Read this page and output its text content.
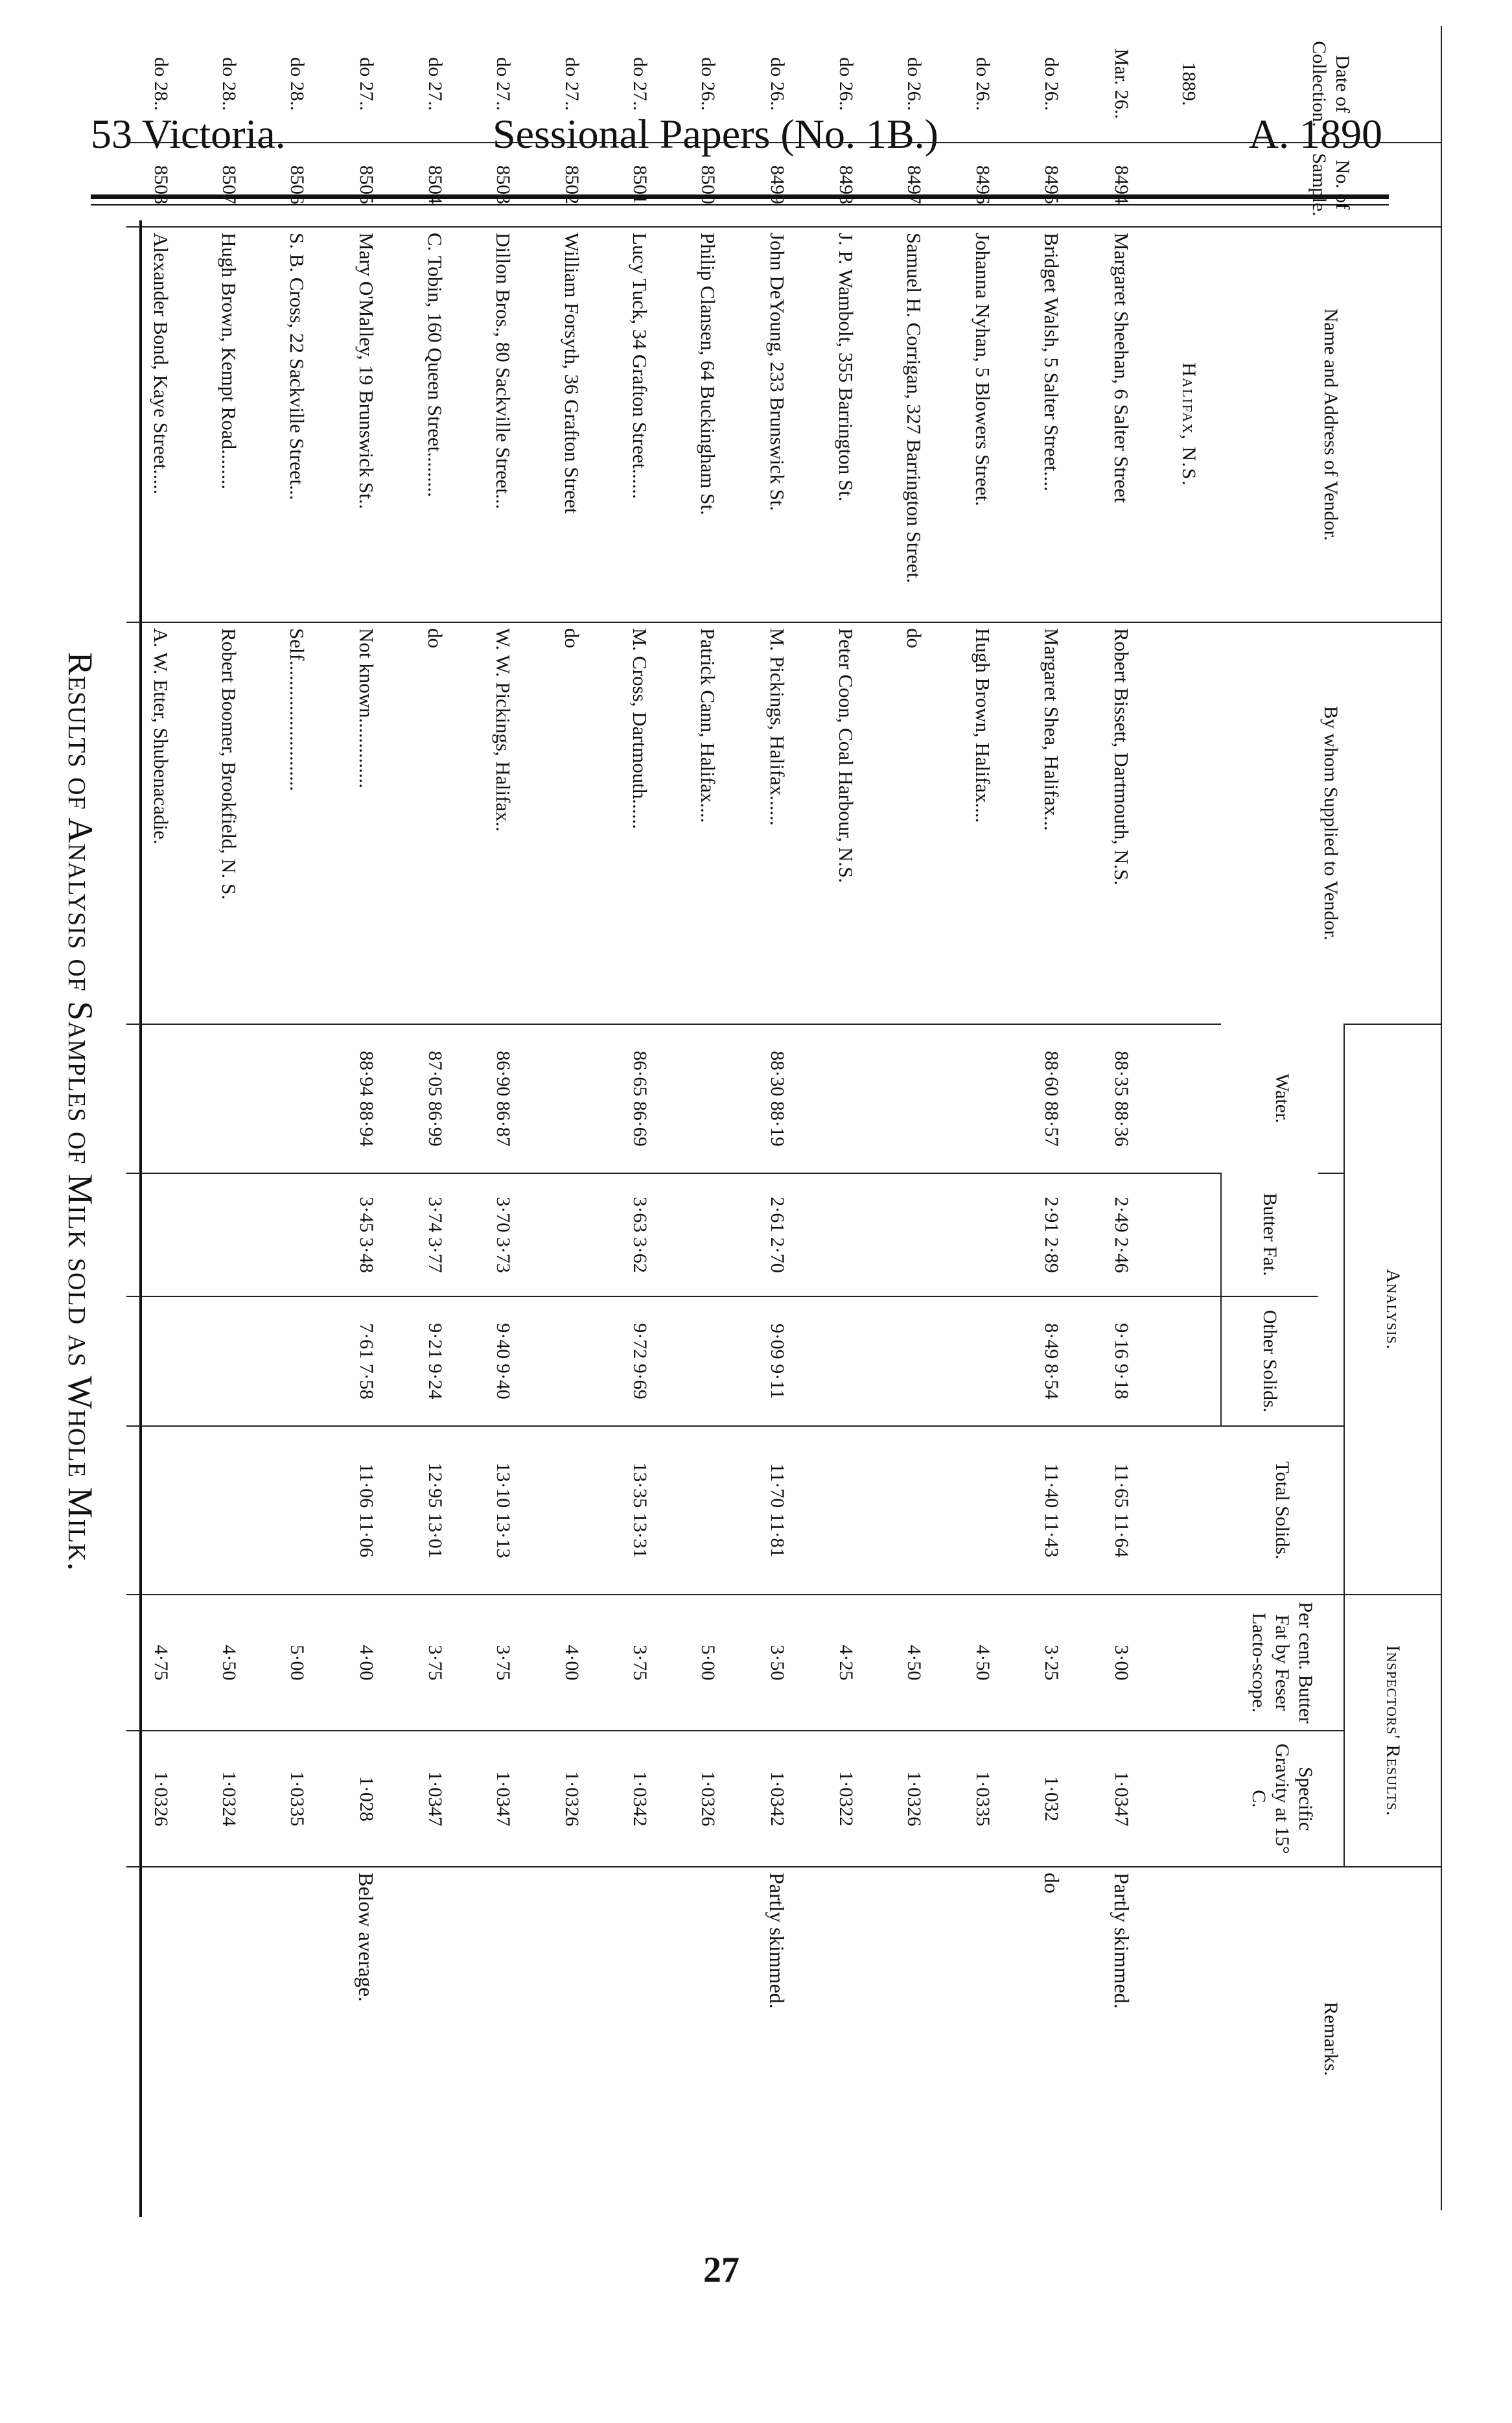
53 Victoria.	Sessional Papers (No. 1B.)	A. 1890
Results of Analysis of Samples of Milk sold as Whole Milk.
Date of Collection.	No. of Sample.	Name and Address of Vendor.	By whom Supplied to Vendor.	Analysis.				Inspectors' Results.		Remarks.
				Water.			Total Solids.	Per cent. Butter Fat by Feser Lacto-scope.	Specific Gravity at 15° C.	
					Butter Fat.	Other Solids.				
1889.		Halifax, N.S.								
Mar. 26..	8494	Margaret Sheehan, 6 Salter Street	Robert Bissett, Dartmouth, N.S.	88·35 88·36	2·49 2·46	9·16 9·18	11·65 11·64	3·00	1·0347	Partly skimmed.
do 26..	8495	Bridget Walsh, 5 Salter Street....	Margaret Shea, Halifax...	88·60 88·57	2·91 2·89	8·49 8·54	11·40 11·43	3·25	1·032	do
do 26..	8496	Johanna Nyhan, 5 Blowers Street.	Hugh Brown, Halifax....					4·50	1·0335	
do 26..	8497	Samuel H. Corrigan, 327 Barrington Street.	do					4·50	1·0326	
do 26..	8498	J. P. Wambolt, 355 Barrington St.	Peter Coon, Coal Harbour, N.S.					4·25	1·0322	
do 26..	8499	John DeYoung, 233 Brunswick St.	M. Pickings, Halifax......	88·30 88·19	2·61 2·70	9·09 9·11	11·70 11·81	3·50	1·0342	Partly skimmed.
do 26..	8500	Philip Clansen, 64 Buckingham St.	Patrick Cann, Halifax....					5·00	1·0326	
do 27..	8501	Lucy Tuck, 34 Grafton Street......	M. Cross, Dartmouth......	86·65 86·69	3·63 3·62	9·72 9·69	13·35 13·31	3·75	1·0342	
do 27..	8502	William Forsyth, 36 Grafton Street	do					4·00	1·0326	
do 27..	8503	Dillon Bros., 80 Sackville Street...	W. W. Pickings, Halifax..	86·90 86·87	3·70 3·73	9·40 9·40	13·10 13·13	3·75	1·0347	
do 27..	8504	C. Tobin, 160 Queen Street.........	do	87·05 86·99	3·74 3·77	9·21 9·24	12·95 13·01	3·75	1·0347	
do 27..	8505	Mary O'Malley, 19 Brunswick St..	Not known..............	88·94 88·94	3·45 3·48	7·61 7·58	11·06 11·06	4·00	1·028	Below average.
do 28..	8506	S. B. Cross, 22 Sackville Street...	Self..........................					5·00	1·0335	
do 28..	8507	Hugh Brown, Kempt Road........	Robert Boomer, Brookfield, N. S.					4·50	1·0324	
do 28..	8508	Alexander Bond, Kaye Street.....	A. W. Etter, Shubenacadie.					4·75	1·0326	
27
